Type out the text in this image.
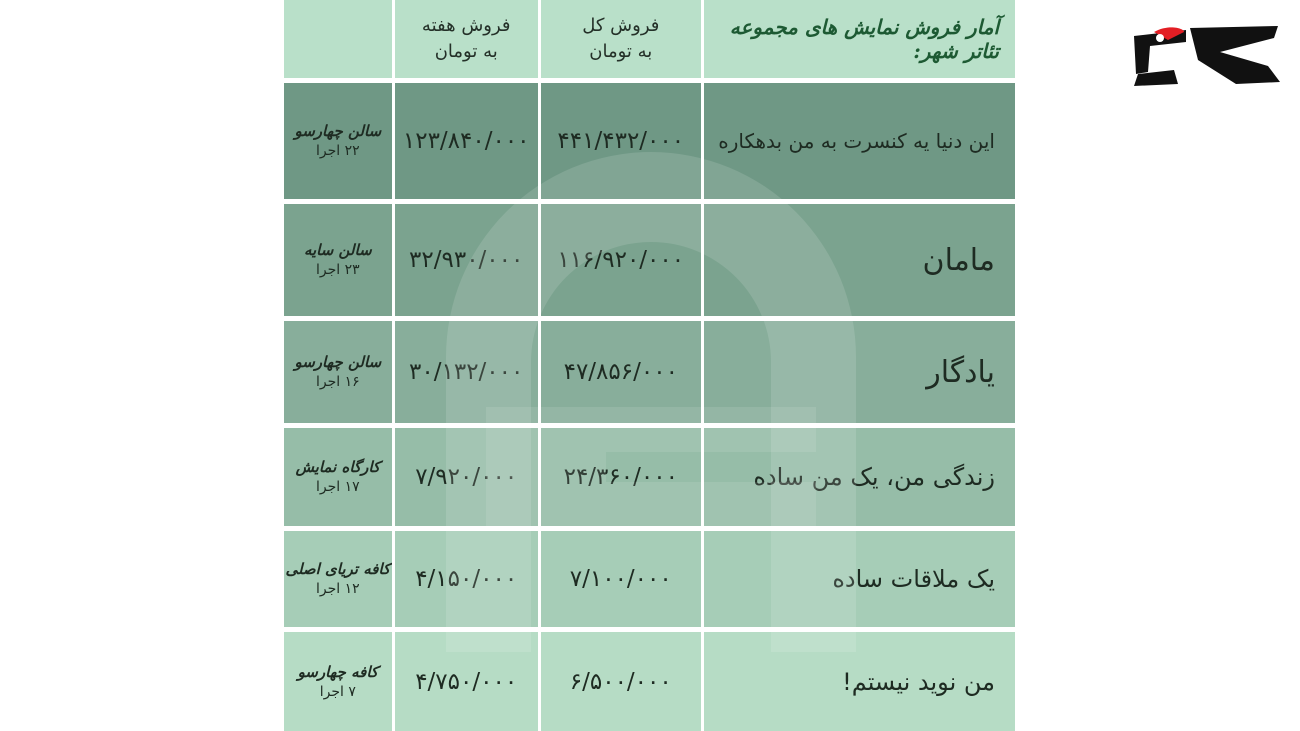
آمار فروش نمایش های مجموعه تئاتر شهر:
فروش کل
به تومان
فروش هفته
به تومان
این دنیا یه کنسرت به من بدهکاره
۴۴۱/۴۳۲/۰۰۰
۱۲۳/۸۴۰/۰۰۰
سالن چهارسو
۲۲ اجرا
مامان
۱۱۶/۹۲۰/۰۰۰
۳۲/۹۳۰/۰۰۰
سالن سایه
۲۳ اجرا
یادگار
۴۷/۸۵۶/۰۰۰
۳۰/۱۳۲/۰۰۰
سالن چهارسو
۱۶ اجرا
زندگی من، یک من ساده
۲۴/۳۶۰/۰۰۰
۷/۹۲۰/۰۰۰
کارگاه نمایش
۱۷ اجرا
یک ملاقات ساده
۷/۱۰۰/۰۰۰
۴/۱۵۰/۰۰۰
کافه تریای اصلی
۱۲ اجرا
من نوید نیستم!
۶/۵۰۰/۰۰۰
۴/۷۵۰/۰۰۰
کافه چهارسو
۷ اجرا
